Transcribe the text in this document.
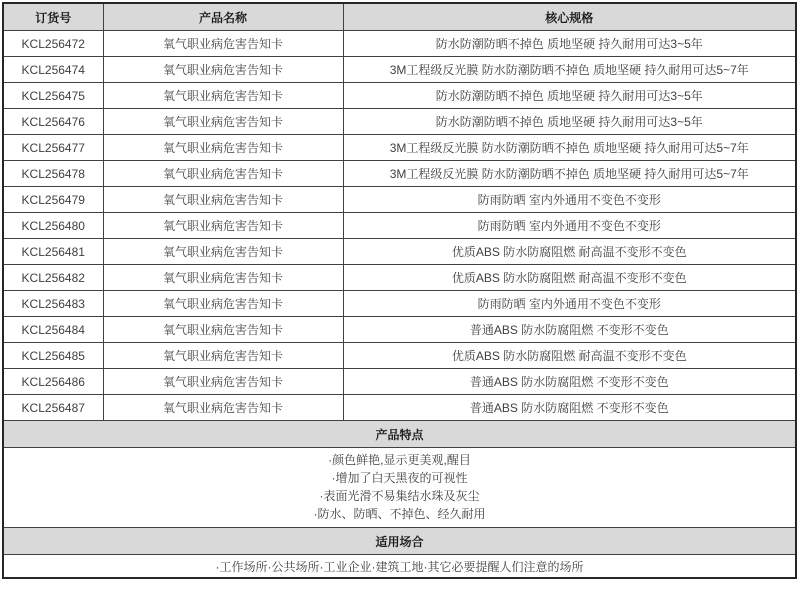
订货号	产品名称	核心规格
KCL256472	氧气职业病危害告知卡	防水防潮防晒不掉色 质地坚硬 持久耐用可达3~5年
KCL256474	氧气职业病危害告知卡	3M工程级反光膜 防水防潮防晒不掉色 质地坚硬 持久耐用可达5~7年
KCL256475	氧气职业病危害告知卡	防水防潮防晒不掉色 质地坚硬 持久耐用可达3~5年
KCL256476	氧气职业病危害告知卡	防水防潮防晒不掉色 质地坚硬 持久耐用可达3~5年
KCL256477	氧气职业病危害告知卡	3M工程级反光膜 防水防潮防晒不掉色 质地坚硬 持久耐用可达5~7年
KCL256478	氧气职业病危害告知卡	3M工程级反光膜 防水防潮防晒不掉色 质地坚硬 持久耐用可达5~7年
KCL256479	氧气职业病危害告知卡	防雨防晒 室内外通用不变色不变形
KCL256480	氧气职业病危害告知卡	防雨防晒 室内外通用不变色不变形
KCL256481	氧气职业病危害告知卡	优质ABS 防水防腐阻燃 耐高温不变形不变色
KCL256482	氧气职业病危害告知卡	优质ABS 防水防腐阻燃 耐高温不变形不变色
KCL256483	氧气职业病危害告知卡	防雨防晒 室内外通用不变色不变形
KCL256484	氧气职业病危害告知卡	普通ABS 防水防腐阻燃 不变形不变色
KCL256485	氧气职业病危害告知卡	优质ABS 防水防腐阻燃 耐高温不变形不变色
KCL256486	氧气职业病危害告知卡	普通ABS 防水防腐阻燃 不变形不变色
KCL256487	氧气职业病危害告知卡	普通ABS 防水防腐阻燃 不变形不变色
产品特点		

·颜色鲜艳,显示更美观,醒目
·增加了白天黑夜的可视性
·表面光滑不易集结水珠及灰尘
·防水、防晒、不掉色、经久耐用		

适用场合		

·工作场所·公共场所·工业企业·建筑工地·其它必要提醒人们注意的场所		
